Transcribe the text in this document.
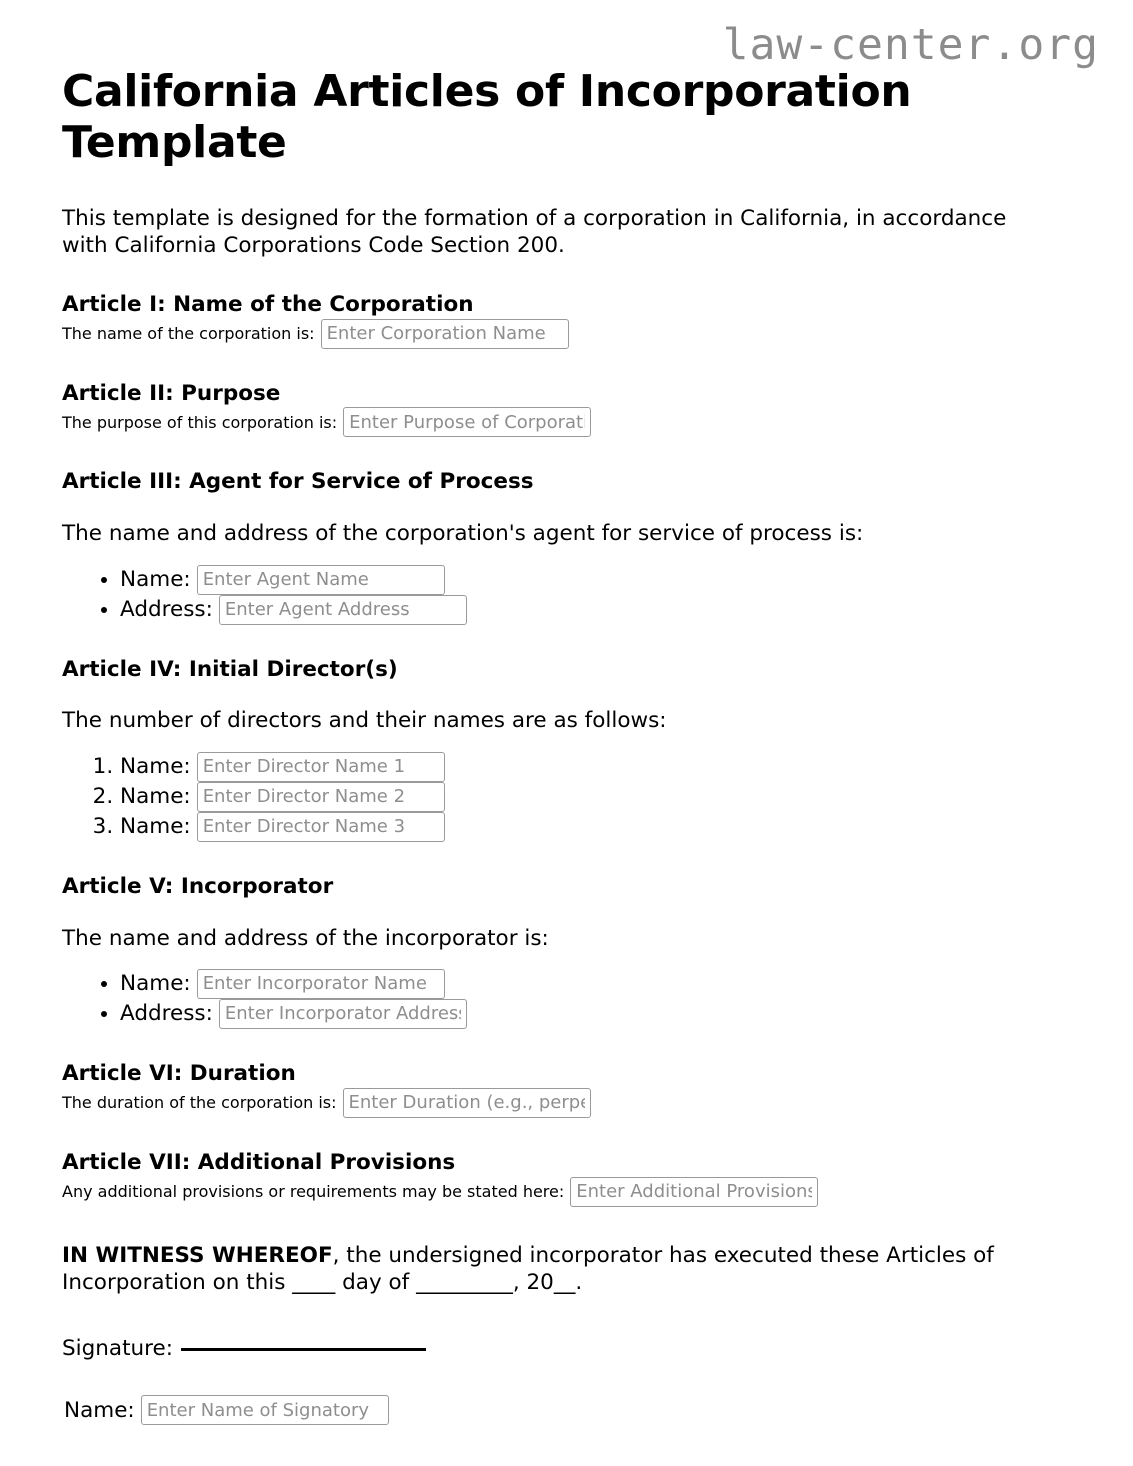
law-center.org
California Articles of Incorporation Template

This template is designed for the formation of a corporation in California, in accordance with California Corporations Code Section 200.

Article I: Name of the Corporation
The name of the corporation is:
Enter Corporation Name
Article II: Purpose
The purpose of this corporation is:
Enter Purpose of Corporation
Article III: Agent for Service of Process

The name and address of the corporation's agent for service of process is:

• Name:
Enter Agent Name
• Address:
Enter Agent Address
Article IV: Initial Director(s)

The number of directors and their names are as follows:

1. Name:
Enter Director Name 1
2. Name:
Enter Director Name 2
3. Name:
Enter Director Name 3
Article V: Incorporator

The name and address of the incorporator is:

• Name:
Enter Incorporator Name
• Address:
Enter Incorporator Address
Article VI: Duration
The duration of the corporation is:
Enter Duration (e.g., perpetual)
Article VII: Additional Provisions
Any additional provisions or requirements may be stated here:
Enter Additional Provisions

IN WITNESS WHEREOF, the undersigned incorporator has executed these Articles of Incorporation on this ____ day of _________, 20__.

Signature:

Name:
Enter Name of Signatory
